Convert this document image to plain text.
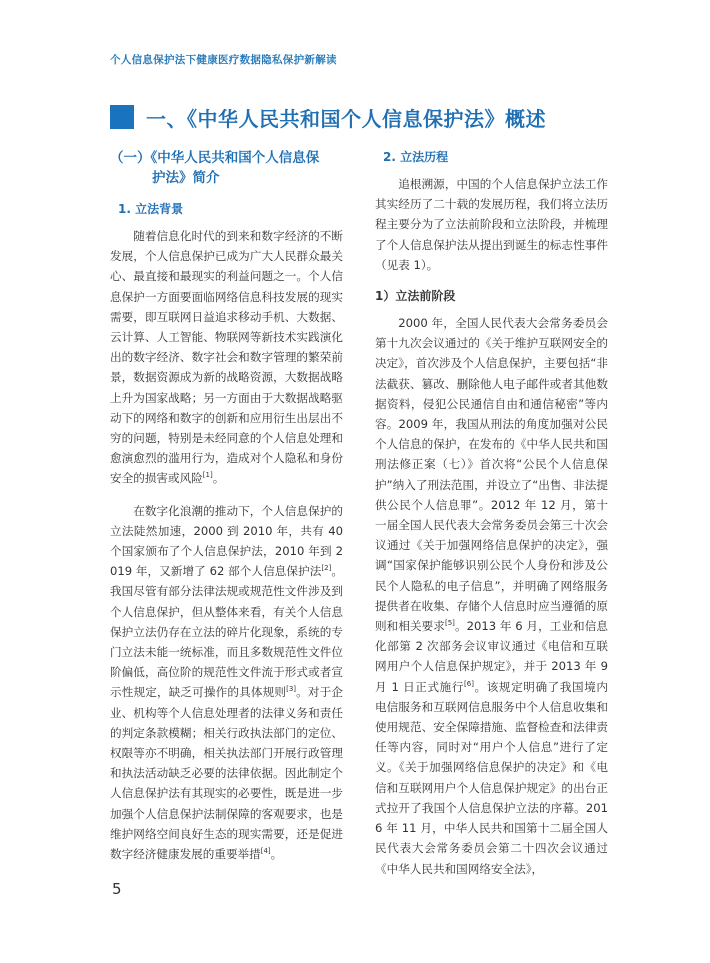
个人信息保护法下健康医疗数据隐私保护新解读
一、《中华人民共和国个人信息保护法》概述
（一）《中华人民共和国个人信息保
护法》简介
1. 立法背景

随着信息化时代的到来和数字经济的不断发展，个人信息保护已成为广大人民群众最关心、最直接和最现实的利益问题之一。个人信息保护一方面要面临网络信息科技发展的现实需要，即互联网日益追求移动手机、大数据、云计算、人工智能、物联网等新技术实践演化出的数字经济、数字社会和数字管理的繁荣前景，数据资源成为新的战略资源，大数据战略上升为国家战略；另一方面由于大数据战略驱动下的网络和数字的创新和应用衍生出层出不穷的问题，特别是未经同意的个人信息处理和愈演愈烈的滥用行为，造成对个人隐私和身份安全的损害或风险[1]。

在数字化浪潮的推动下，个人信息保护的立法陡然加速，2000 到 2010 年，共有 40 个国家颁布了个人信息保护法，2010 年到 2019 年，又新增了 62 部个人信息保护法[2]。我国尽管有部分法律法规或规范性文件涉及到个人信息保护，但从整体来看，有关个人信息保护立法仍存在立法的碎片化现象，系统的专门立法未能一统标准，而且多数规范性文件位阶偏低，高位阶的规范性文件流于形式或者宣示性规定，缺乏可操作的具体规则[3]。对于企业、机构等个人信息处理者的法律义务和责任的判定条款模糊；相关行政执法部门的定位、权限等亦不明确，相关执法部门开展行政管理和执法活动缺乏必要的法律依据。因此制定个人信息保护法有其现实的必要性，既是进一步加强个人信息保护法制保障的客观要求，也是维护网络空间良好生态的现实需要，还是促进数字经济健康发展的重要举措[4]。

2. 立法历程

追根溯源，中国的个人信息保护立法工作其实经历了二十载的发展历程，我们将立法历程主要分为了立法前阶段和立法阶段，并梳理了个人信息保护法从提出到诞生的标志性事件（见表 1）。

1）立法前阶段

2000 年，全国人民代表大会常务委员会第十九次会议通过的《关于维护互联网安全的决定》，首次涉及个人信息保护，主要包括“非法截获、篡改、删除他人电子邮件或者其他数据资料，侵犯公民通信自由和通信秘密”等内容。2009 年，我国从刑法的角度加强对公民个人信息的保护，在发布的《中华人民共和国刑法修正案（七）》首次将“公民个人信息保护”纳入了刑法范围，并设立了“出售、非法提供公民个人信息罪”。2012 年 12 月，第十一届全国人民代表大会常务委员会第三十次会议通过《关于加强网络信息保护的决定》，强调“国家保护能够识别公民个人身份和涉及公民个人隐私的电子信息”，并明确了网络服务提供者在收集、存储个人信息时应当遵循的原则和相关要求[5]。2013 年 6 月，工业和信息化部第 2 次部务会议审议通过《电信和互联网用户个人信息保护规定》，并于 2013 年 9 月 1 日正式施行[6]。该规定明确了我国境内电信服务和互联网信息服务中个人信息收集和使用规范、安全保障措施、监督检查和法律责任等内容，同时对“用户个人信息”进行了定义。《关于加强网络信息保护的决定》和《电信和互联网用户个人信息保护规定》的出台正式拉开了我国个人信息保护立法的序幕。2016 年 11 月，中华人民共和国第十二届全国人民代表大会常务委员会第二十四次会议通过《中华人民共和国网络安全法》，

5
